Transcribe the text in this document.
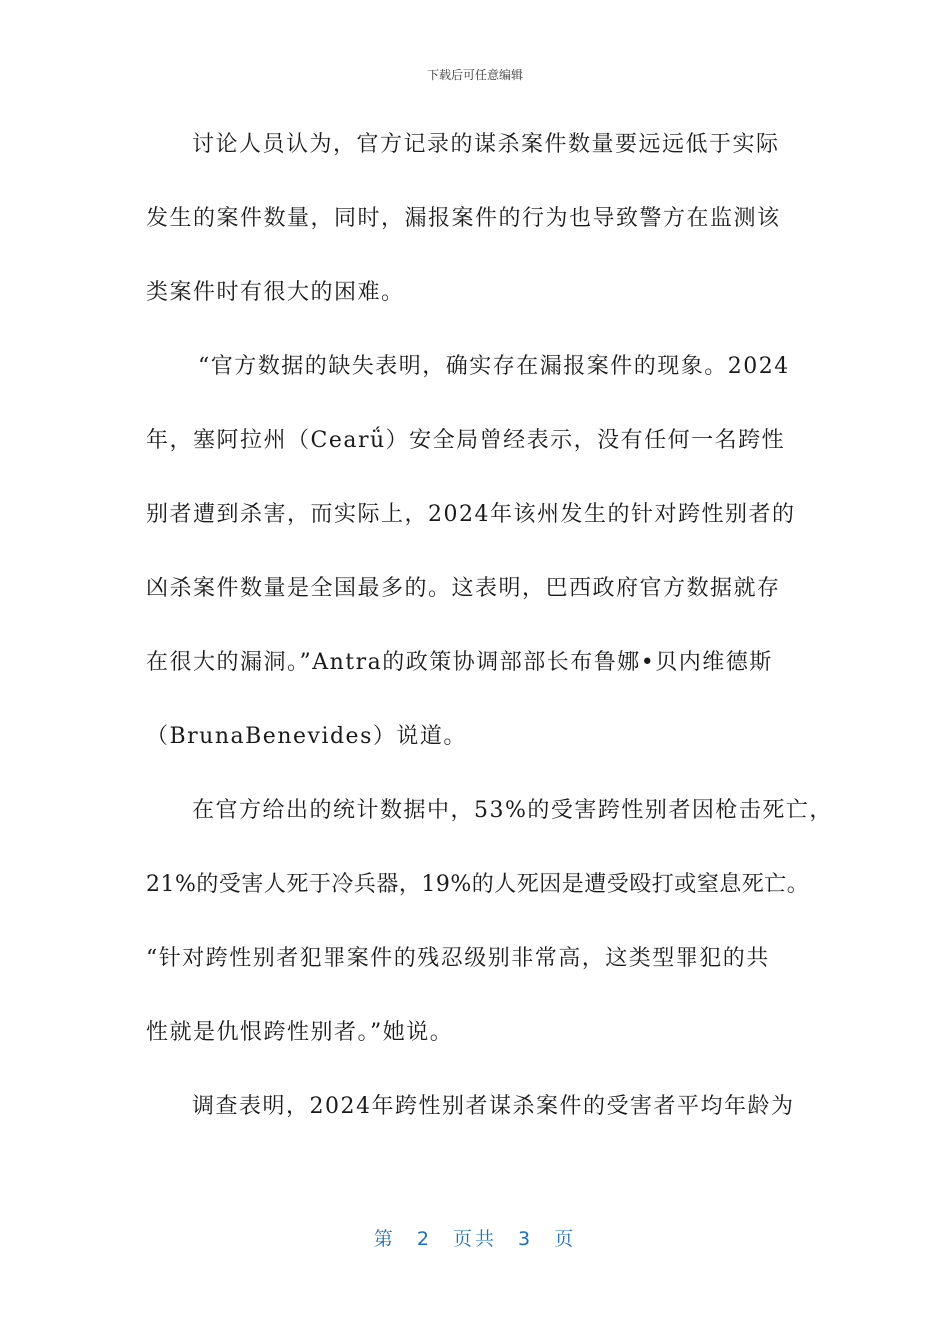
下载后可任意编辑
讨论人员认为，官方记录的谋杀案件数量要远远低于实际
发生的案件数量，同时，漏报案件的行为也导致警方在监测该
类案件时有很大的困难。
“官方数据的缺失表明，确实存在漏报案件的现象。2024
年，塞阿拉州（Cearǘ）安全局曾经表示，没有任何一名跨性
别者遭到杀害，而实际上，2024年该州发生的针对跨性别者的
凶杀案件数量是全国最多的。这表明，巴西政府官方数据就存
在很大的漏洞。”Antra的政策协调部部长布鲁娜•贝内维德斯
（BrunaBenevides）说道。
在官方给出的统计数据中，53%的受害跨性别者因枪击死亡，
21%的受害人死于冷兵器，19%的人死因是遭受殴打或窒息死亡。
“针对跨性别者犯罪案件的残忍级别非常高，这类型罪犯的共
性就是仇恨跨性别者。”她说。
调查表明，2024年跨性别者谋杀案件的受害者平均年龄为
第 2 页共 3 页
